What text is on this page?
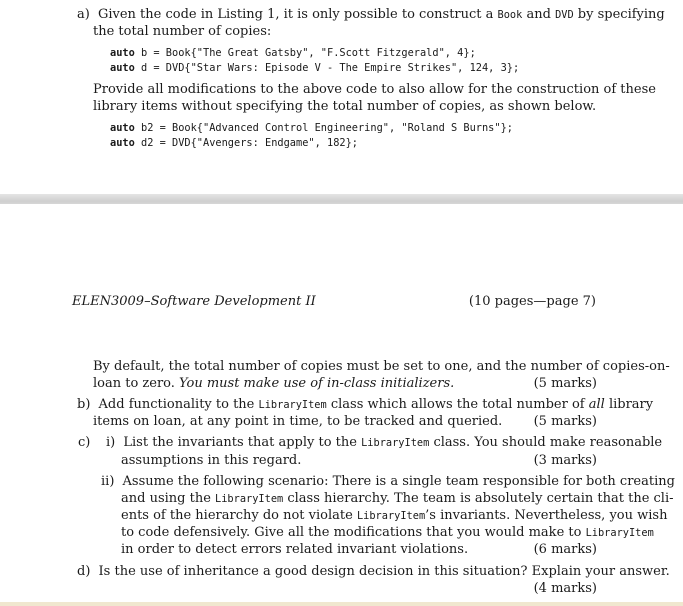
a) Given the code in Listing 1, it is only possible to construct a Book and DVD by specifying
the total number of copies:
auto b = Book{"The Great Gatsby", "F.Scott Fitzgerald", 4};
auto d = DVD{"Star Wars: Episode V - The Empire Strikes", 124, 3};
Provide all modifications to the above code to also allow for the construction of these
library items without specifying the total number of copies, as shown below.
auto b2 = Book{"Advanced Control Engineering", "Roland S Burns"};
auto d2 = DVD{"Avengers: Endgame", 182};
ELEN3009–Software Development II	(10 pages—page 7)
By default, the total number of copies must be set to one, and the number of copies-on-
loan to zero. You must make use of in-class initializers.	(5 marks)
b) Add functionality to the LibraryItem class which allows the total number of all library
items on loan, at any point in time, to be tracked and queried. (5 marks)
c) i) List the invariants that apply to the LibraryItem class. You should make reasonable
assumptions in this regard.	(3 marks)
ii) Assume the following scenario: There is a single team responsible for both creating
and using the LibraryItem class hierarchy. The team is absolutely certain that the cli-
ents of the hierarchy do not violate LibraryItem’s invariants. Nevertheless, you wish
to code defensively. Give all the modifications that you would make to LibraryItem
in order to detect errors related invariant violations.	(6 marks)
d) Is the use of inheritance a good design decision in this situation? Explain your answer.
(4 marks)
